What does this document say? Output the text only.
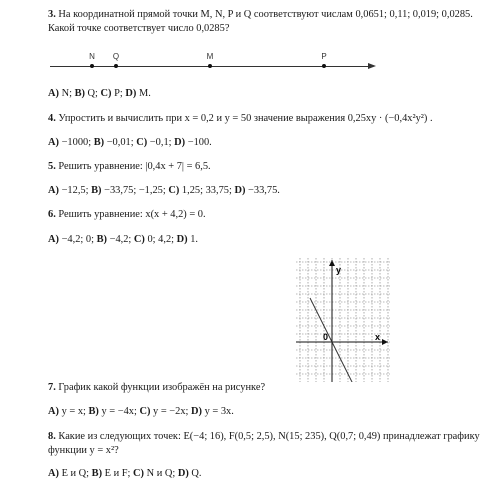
3. На координатной прямой точки M, N, P и Q соответствуют числам 0,0651; 0,11; 0,019; 0,0285. Какой точке соответствует число 0,0285?
N Q	M	P
A) N; B) Q; C) P; D) M.
4. Упростить и вычислить при x = 0,2 и y = 50 значение выражения 0,25xy · (−0,4x²y²) .
A) −1000; B) −0,01; C) −0,1; D) −100.
5. Решить уравнение: |0,4x + 7| = 6,5.
A) −12,5; B) −33,75; −1,25; C) 1,25; 33,75; D) −33,75.
6. Решить уравнение: x(x + 4,2) = 0.
A) −4,2; 0; B) −4,2; C) 0; 4,2; D) 1.
y
x
0
7. График какой функции изображён на рисунке?
A) y = x; B) y = −4x; C) y = −2x; D) y = 3x.
8. Какие из следующих точек: E(−4; 16), F(0,5; 2,5), N(15; 235), Q(0,7; 0,49) принадлежат графику функции y = x²?
A) E и Q; B) E и F; C) N и Q; D) Q.
